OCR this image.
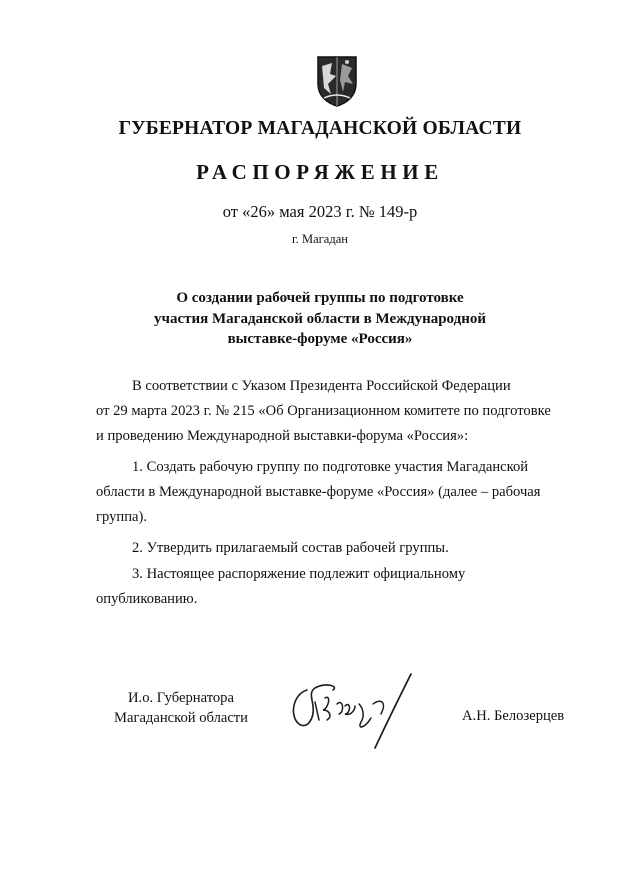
ГУБЕРНАТОР МАГАДАНСКОЙ ОБЛАСТИ
РАСПОРЯЖЕНИЕ
от «26» мая 2023 г. № 149-р
г. Магадан
О создании рабочей группы по подготовке
участия Магаданской области в Международной
выставке-форуме «Россия»
В соответствии с Указом Президента Российской Федерации
от 29 марта 2023 г. № 215 «Об Организационном комитете по подготовке
и проведению Международной выставки-форума «Россия»:
1. Создать рабочую группу по подготовке участия Магаданской
области в Международной выставке-форуме «Россия» (далее – рабочая
группа).
2. Утвердить прилагаемый состав рабочей группы.
3. Настоящее распоряжение подлежит официальному
опубликованию.
И.о. Губернатора
Магаданской области	А.Н. Белозерцев
